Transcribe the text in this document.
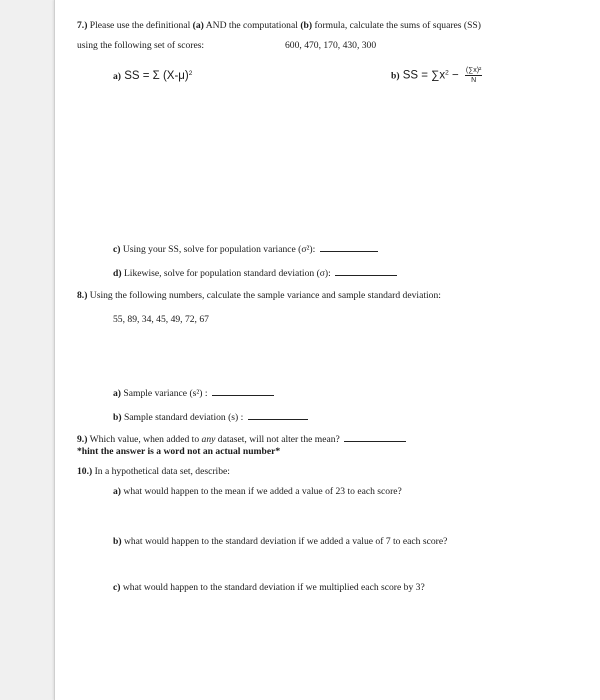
7.) Please use the definitional (a) AND the computational (b) formula, calculate the sums of squares (SS)
using the following set of scores:	600, 470, 170, 430, 300
a) SS = Σ $(X-\mu)^2$	b) SS = $\sum x^2 - \frac{\text{(∑x)²}}{N}$
c) Using your SS, solve for population variance (σ²):
d) Likewise, solve for population standard deviation (σ):
8.) Using the following numbers, calculate the sample variance and sample standard deviation:
55, 89, 34, 45, 49, 72, 67
a) Sample variance (s²) :
b) Sample standard deviation (s) :
9.) Which value, when added to any dataset, will not alter the mean?
*hint the answer is a word not an actual number*
10.) In a hypothetical data set, describe:
a) what would happen to the mean if we added a value of 23 to each score?
b) what would happen to the standard deviation if we added a value of 7 to each score?
c) what would happen to the standard deviation if we multiplied each score by 3?
